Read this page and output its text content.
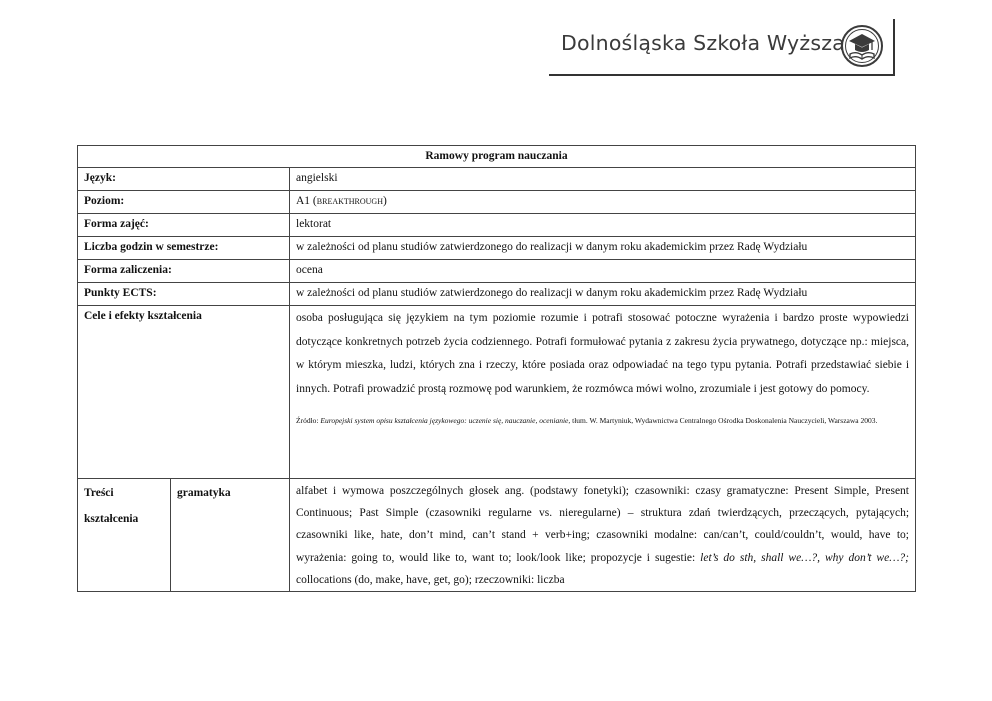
Dolnośląska Szkoła Wyższa
Ramowy program nauczania		
Język:		angielski
Poziom:		A1 (breakthrough)
Forma zajęć:		lektorat
Liczba godzin w semestrze:		w zależności od planu studiów zatwierdzonego do realizacji w danym roku akademickim przez Radę Wydziału
Forma zaliczenia:		ocena
Punkty ECTS:		w zależności od planu studiów zatwierdzonego do realizacji w danym roku akademickim przez Radę Wydziału
Cele i efekty kształcenia		osoba posługująca się językiem na tym poziomie rozumie i potrafi stosować potoczne wyrażenia i bardzo proste wypowiedzi dotyczące konkretnych potrzeb życia codziennego. Potrafi formułować pytania z zakresu życia prywatnego, dotyczące np.: miejsca, w którym mieszka, ludzi, których zna i rzeczy, które posiada oraz odpowiadać na tego typu pytania. Potrafi przedstawiać siebie i innych. Potrafi prowadzić prostą rozmowę pod warunkiem, że rozmówca mówi wolno, zrozumiale i jest gotowy do pomocy.
Źródło: Europejski system opisu kształcenia językowego: uczenie się, nauczanie, ocenianie, tłum. W. Martyniuk, Wydawnictwa Centralnego Ośrodka Doskonalenia Nauczycieli, Warszawa 2003.

Treści kształcenia	gramatyka	alfabet i wymowa poszczególnych głosek ang. (podstawy fonetyki); czasowniki: czasy gramatyczne: Present Simple, Present Continuous; Past Simple (czasowniki regularne vs. nieregularne) – struktura zdań twierdzących, przeczących, pytających; czasowniki like, hate, don’t mind, can’t stand + verb+ing; czasowniki modalne: can/can’t, could/couldn’t, would, have to; wyrażenia: going to, would like to, want to; look/look like; propozycje i sugestie: let’s do sth, shall we…?, why don’t we…?; collocations (do, make, have, get, go); rzeczowniki: liczba
